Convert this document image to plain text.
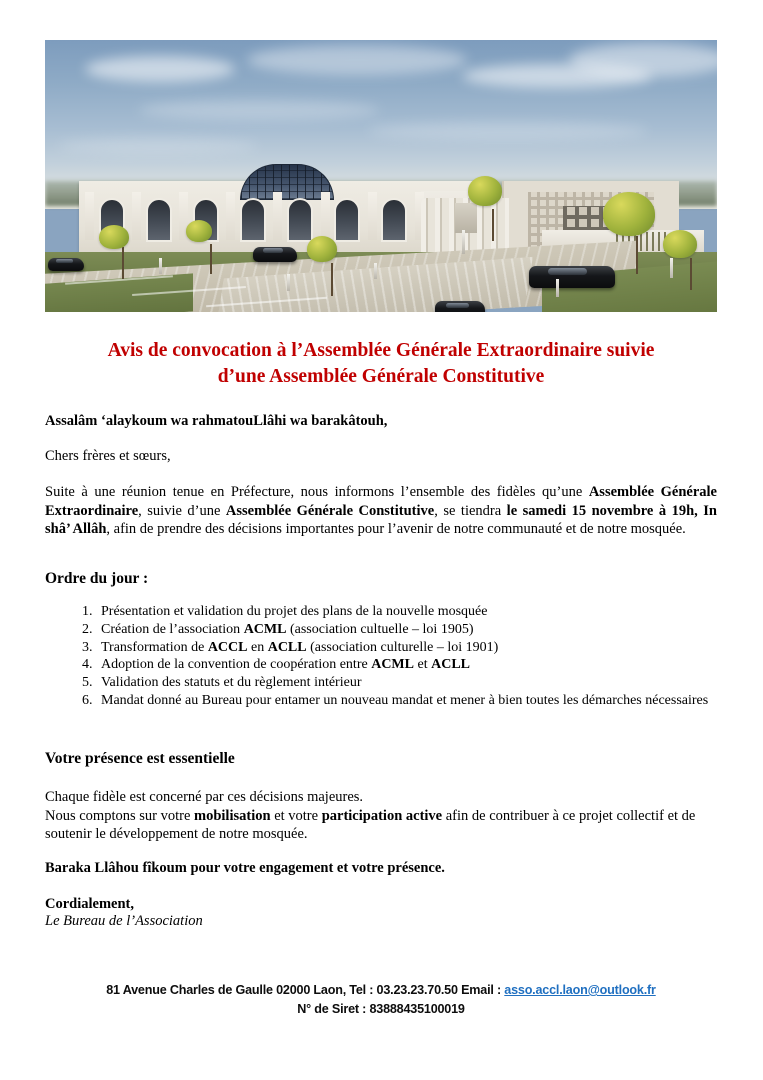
Avis de convocation à l’Assemblée Générale Extraordinaire suivie
d’une Assemblée Générale Constitutive
Assalâm ‘alaykoum wa rahmatouLlâhi wa barakâtouh,
Chers frères et sœurs,
Suite à une réunion tenue en Préfecture, nous informons l’ensemble des fidèles qu’une Assemblée Générale Extraordinaire, suivie d’une Assemblée Générale Constitutive, se tiendra le samedi 15 novembre à 19h, In shâ’ Allâh, afin de prendre des décisions importantes pour l’avenir de notre communauté et de notre mosquée.
Ordre du jour :
1. Présentation et validation du projet des plans de la nouvelle mosquée
2. Création de l’association ACML (association cultuelle – loi 1905)
3. Transformation de ACCL en ACLL (association culturelle – loi 1901)
4. Adoption de la convention de coopération entre ACML et ACLL
5. Validation des statuts et du règlement intérieur
6. Mandat donné au Bureau pour entamer un nouveau mandat et mener à bien toutes les démarches nécessaires
Votre présence est essentielle
Chaque fidèle est concerné par ces décisions majeures.
Nous comptons sur votre mobilisation et votre participation active afin de contribuer à ce projet collectif et de soutenir le développement de notre mosquée.
Baraka Llâhou fîkoum pour votre engagement et votre présence.
Cordialement,
Le Bureau de l’Association
81 Avenue Charles de Gaulle 02000 Laon, Tel : 03.23.23.70.50 Email : asso.accl.laon@outlook.fr
N° de Siret : 83888435100019
